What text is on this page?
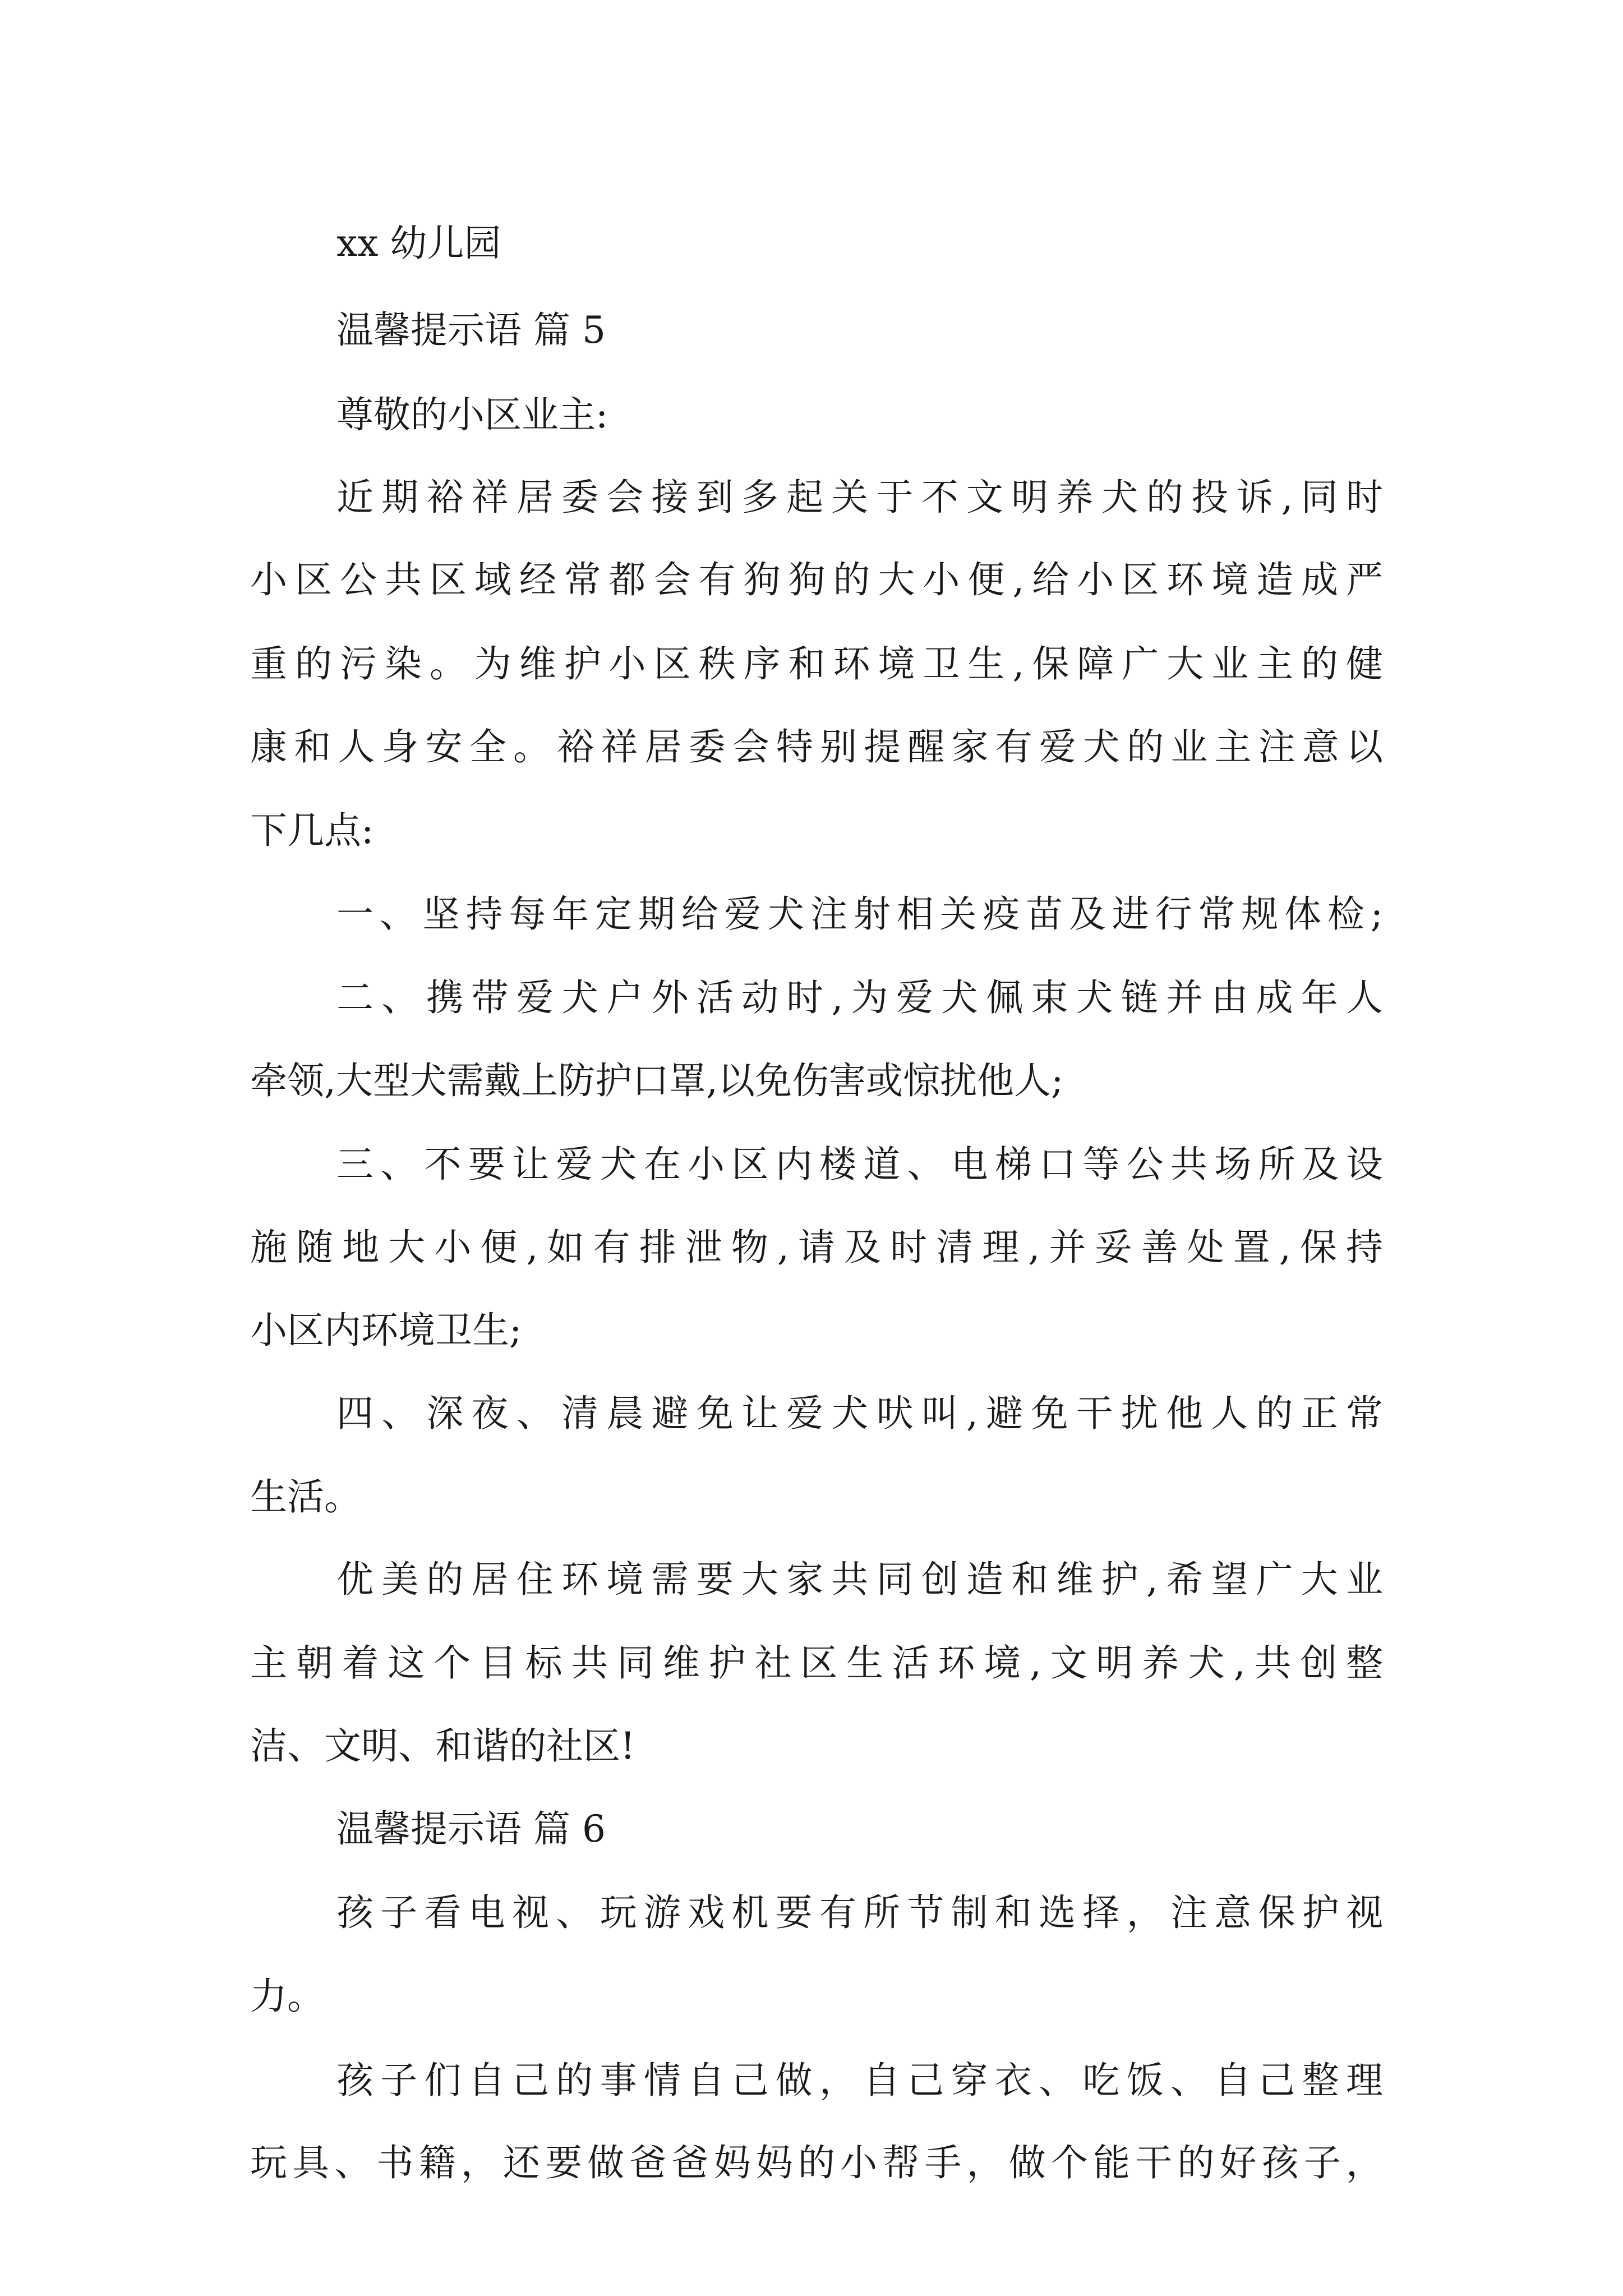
xx 幼儿园
温馨提示语 篇 5
尊敬的小区业主:
近期裕祥居委会接到多起关于不文明养犬的投诉,同时
小区公共区域经常都会有狗狗的大小便,给小区环境造成严
重的污染。为维护小区秩序和环境卫生,保障广大业主的健
康和人身安全。裕祥居委会特别提醒家有爱犬的业主注意以
下几点:
一、坚持每年定期给爱犬注射相关疫苗及进行常规体检;
二、携带爱犬户外活动时,为爱犬佩束犬链并由成年人
牵领,大型犬需戴上防护口罩,以免伤害或惊扰他人;
三、不要让爱犬在小区内楼道、电梯口等公共场所及设
施随地大小便,如有排泄物,请及时清理,并妥善处置,保持
小区内环境卫生;
四、深夜、清晨避免让爱犬吠叫,避免干扰他人的正常
生活。
优美的居住环境需要大家共同创造和维护,希望广大业
主朝着这个目标共同维护社区生活环境,文明养犬,共创整
洁、文明、和谐的社区!
温馨提示语 篇 6
孩子看电视、玩游戏机要有所节制和选择，注意保护视
力。
孩子们自己的事情自己做，自己穿衣、吃饭、自己整理
玩具、书籍，还要做爸爸妈妈的小帮手，做个能干的好孩子，
